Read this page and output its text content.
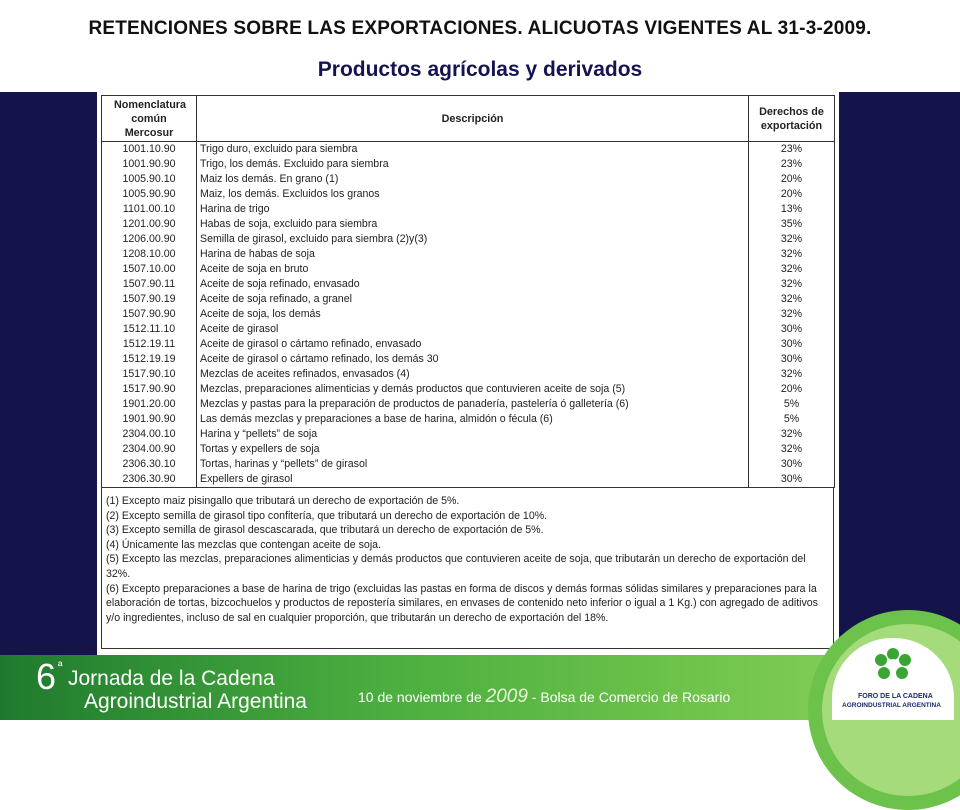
RETENCIONES SOBRE LAS EXPORTACIONES. ALICUOTAS VIGENTES AL 31-3-2009.
Productos agrícolas y derivados
Nomenclatura común Mercosur	Descripción	Derechos de exportación

1001.10.90	Trigo duro, excluido para siembra	23%
1001.90.90	Trigo, los demás. Excluido para siembra	23%
1005.90.10	Maiz los demás. En grano (1)	20%
1005.90.90	Maiz, los demás. Excluidos los granos	20%
1101.00.10	Harina de trigo	13%
1201.00.90	Habas de soja, excluido para siembra	35%
1206.00.90	Semilla de girasol, excluido para siembra (2)y(3)	32%
1208.10.00	Harina de habas de soja	32%
1507.10.00	Aceite de soja en bruto	32%
1507.90.11	Aceite de soja refinado, envasado	32%
1507.90.19	Aceite de soja refinado, a granel	32%
1507.90.90	Aceite de soja, los demás	32%
1512.11.10	Aceite de girasol	30%
1512.19.11	Aceite de girasol o cártamo refinado, envasado	30%
1512.19.19	Aceite de girasol o cártamo refinado, los demás 30	30%
1517.90.10	Mezclas de aceites refinados, envasados (4)	32%
1517.90.90	Mezclas, preparaciones alimenticias y demás productos que contuvieren aceite de soja (5)	20%
1901.20.00	Mezclas y pastas para la preparación de productos de panadería, pastelería ó galletería (6)	5%
1901.90.90	Las demás mezclas y preparaciones a base de harina, almidón o fécula (6)	5%
2304.00.10	Harina y “pellets” de soja	32%
2304.00.90	Tortas y expellers de soja	32%
2306.30.10	Tortas, harinas y “pellets” de girasol	30%
2306.30.90	Expellers de girasol	30%

(1) Excepto maiz pisingallo que tributará un derecho de exportación de 5%.

(2) Excepto semilla de girasol tipo confitería, que tributará un derecho de exportación de 10%.

(3) Excepto semilla de girasol descascarada, que tributará un derecho de exportación de 5%.

(4) Únicamente las mezclas que contengan aceite de soja.

(5) Excepto las mezclas, preparaciones alimenticias y demás productos que contuvieren aceite de soja, que tributarán un derecho de exportación del 32%.

(6) Excepto preparaciones a base de harina de trigo (excluidas las pastas en forma de discos y demás formas sólidas similares y preparaciones para la elaboración de tortas, bizcochuelos y productos de repostería similares, en envases de contenido neto inferior o igual a 1 Kg.) con agregado de aditivos y/o ingredientes, incluso de sal en cualquier proporción, que tributarán un derecho de exportación del 18%.

6 ª
Jornada de la Cadena
Agroindustrial Argentina	10 de noviembre de 2009 - Bolsa de Comercio de Rosario	FORO DE LA CADENA
AGROINDUSTRIAL ARGENTINA
